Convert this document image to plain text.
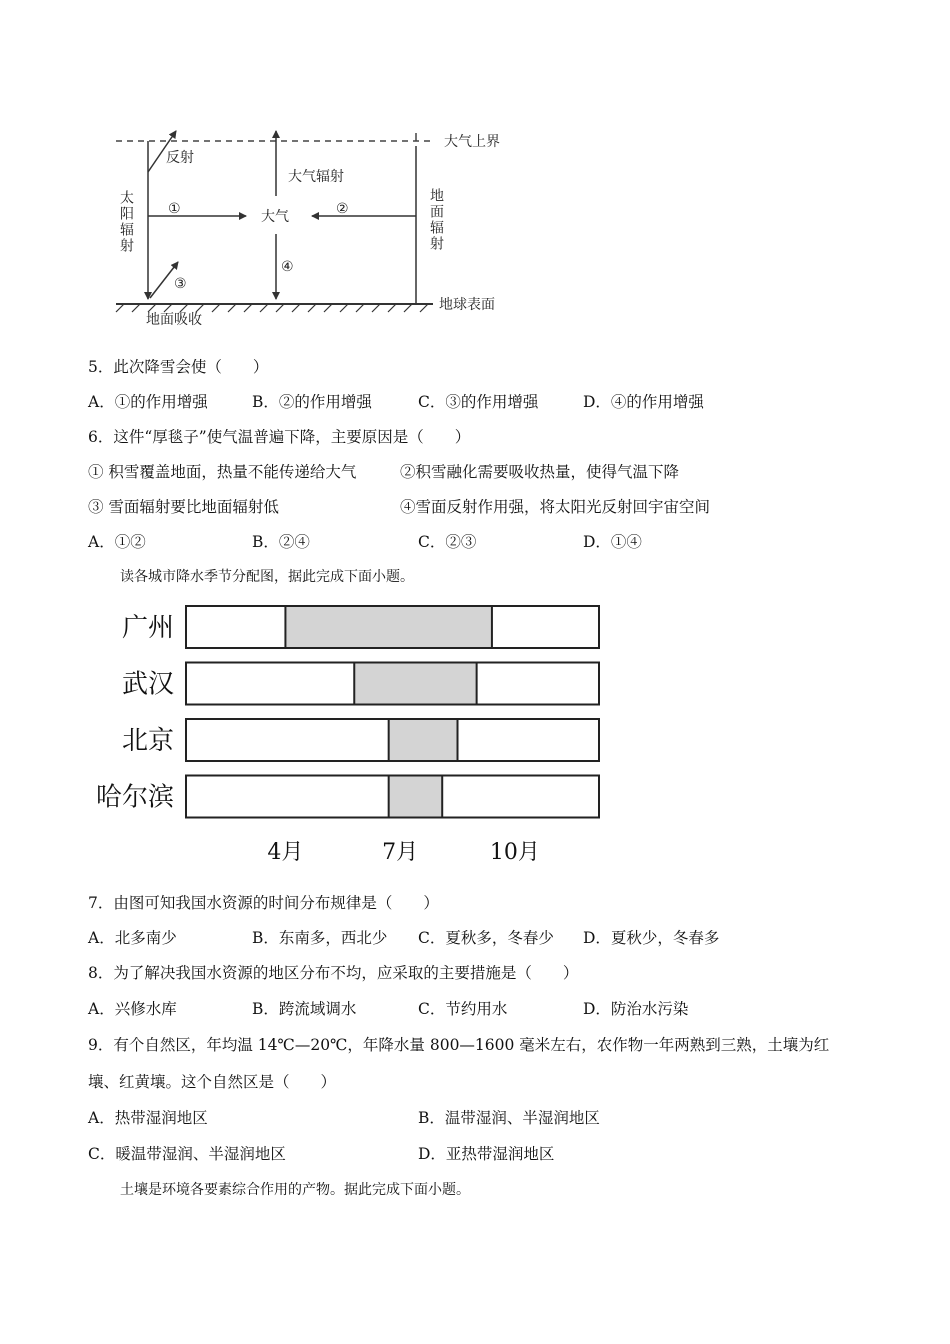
大气上界
地球表面
反射
大气辐射
大气
地面吸收
①	②
③
④
太阳辐射	地面辐射
5．此次降雪会使（　　）
A．①的作用增强	B．②的作用增强	C．③的作用增强	D．④的作用增强
6．这件“厚毯子”使气温普遍下降，主要原因是（　　）
① 积雪覆盖地面，热量不能传递给大气	②积雪融化需要吸收热量，使得气温下降
③ 雪面辐射要比地面辐射低	④雪面反射作用强，将太阳光反射回宇宙空间
A．①②	B．②④	C．②③	D．①④
读各城市降水季节分配图，据此完成下面小题。
广州
武汉
北京
哈尔滨
4月	7月	10月
7．由图可知我国水资源的时间分布规律是（　　）
A．北多南少	B．东南多，西北少 C．夏秋多，冬春少 D．夏秋少，冬春多
8．为了解决我国水资源的地区分布不均，应采取的主要措施是（　　）
A．兴修水库	B．跨流域调水	C．节约用水	D．防治水污染
9．有个自然区，年均温 14℃—20℃，年降水量 800—1600 毫米左右，农作物一年两熟到三熟，土壤为红
壤、红黄壤。这个自然区是（　　）
A．热带湿润地区	B．温带湿润、半湿润地区
C．暖温带湿润、半湿润地区	D．亚热带湿润地区
土壤是环境各要素综合作用的产物。据此完成下面小题。
